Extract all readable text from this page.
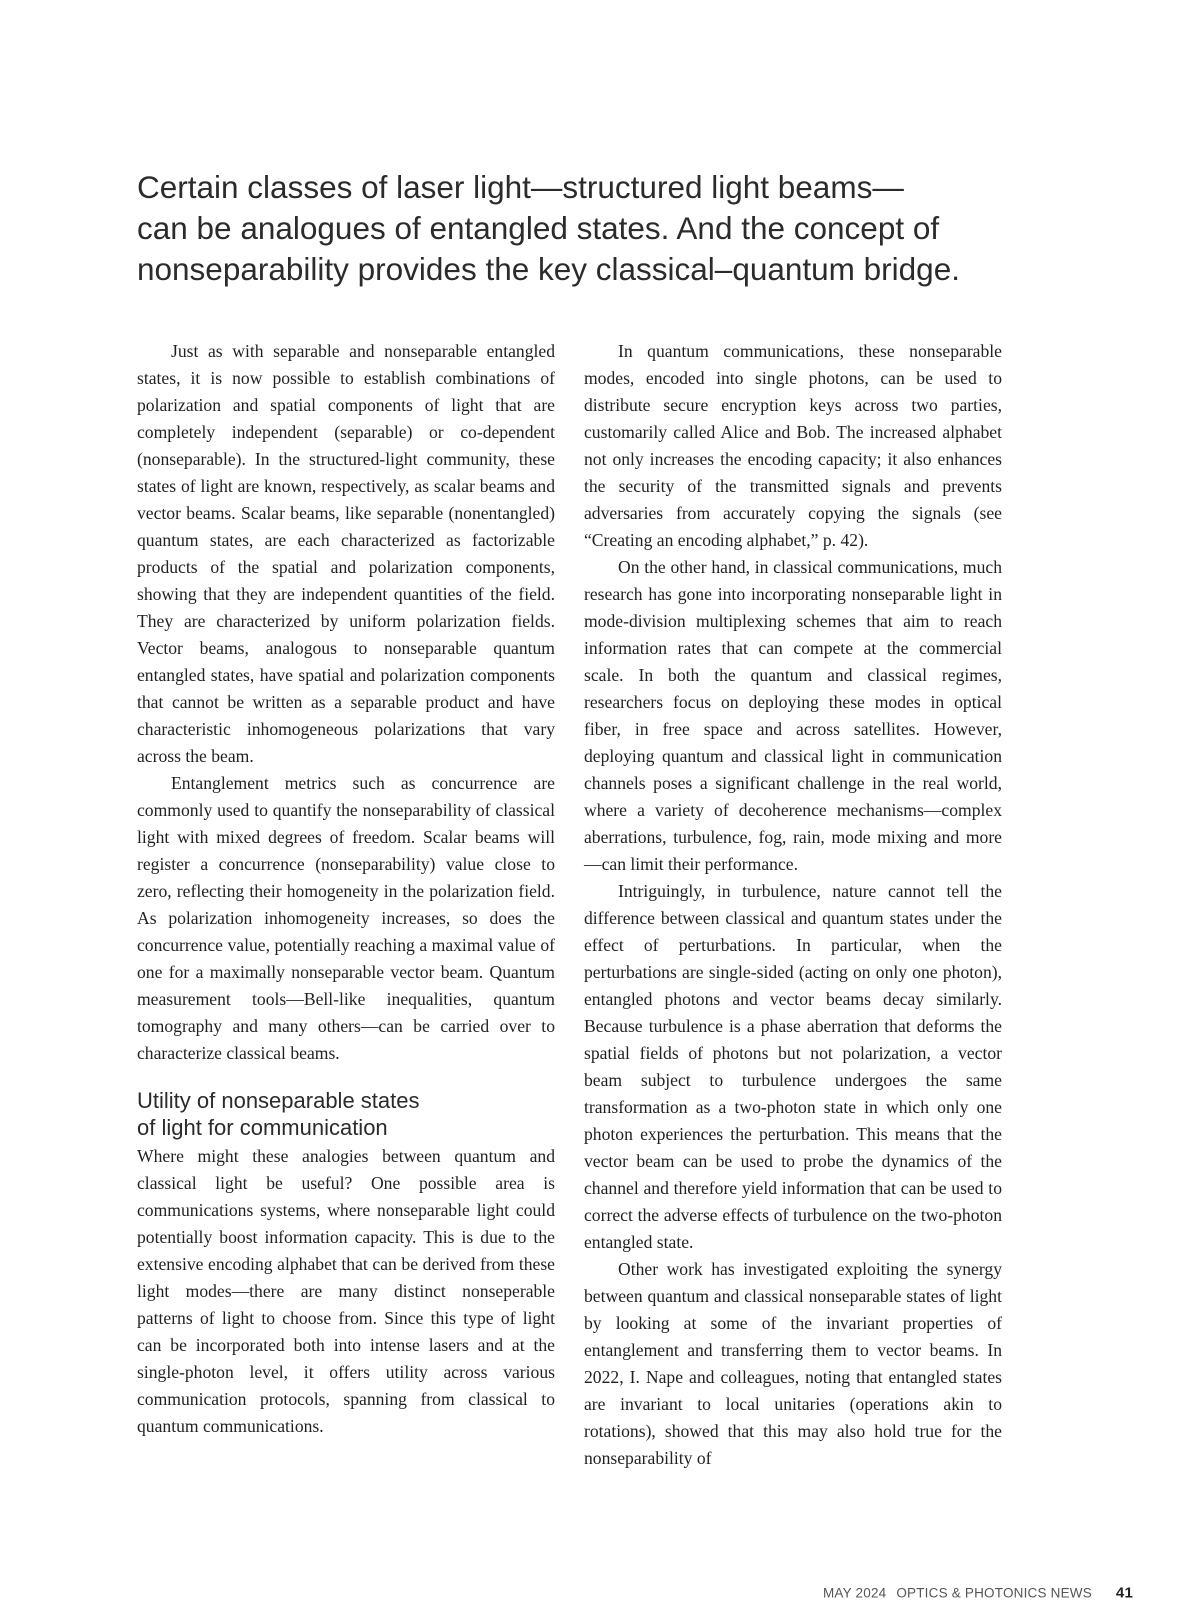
Certain classes of laser light—structured light beams—
can be analogues of entangled states. And the concept of
nonseparability provides the key classical–quantum bridge.

Just as with separable and nonseparable entangled states, it is now possible to establish combinations of polarization and spatial components of light that are completely independent (separable) or co-dependent (nonseparable). In the structured-light community, these states of light are known, respectively, as scalar beams and vector beams. Scalar beams, like separable (nonentangled) quantum states, are each characterized as factorizable products of the spatial and polarization components, showing that they are independent quantities of the field. They are characterized by uniform polarization fields. Vector beams, analogous to nonseparable quantum entangled states, have spatial and polarization components that cannot be written as a separable product and have characteristic inhomogeneous polarizations that vary across the beam.

Entanglement metrics such as concurrence are commonly used to quantify the nonseparability of classical light with mixed degrees of freedom. Scalar beams will register a concurrence (nonseparability) value close to zero, reflecting their homogeneity in the polarization field. As polarization inhomogeneity increases, so does the concurrence value, potentially reaching a maximal value of one for a maximally nonseparable vector beam. Quantum measurement tools—Bell-like inequalities, quantum tomography and many others—can be carried over to characterize classical beams.

Utility of nonseparable states
of light for communication

Where might these analogies between quantum and classical light be useful? One possible area is communications systems, where nonseparable light could potentially boost information capacity. This is due to the extensive encoding alphabet that can be derived from these light modes—there are many distinct nonseperable patterns of light to choose from. Since this type of light can be incorporated both into intense lasers and at the single-photon level, it offers utility across various communication protocols, spanning from classical to quantum communications.

In quantum communications, these nonseparable modes, encoded into single photons, can be used to distribute secure encryption keys across two parties, customarily called Alice and Bob. The increased alphabet not only increases the encoding capacity; it also enhances the security of the transmitted signals and prevents adversaries from accurately copying the signals (see “Creating an encoding alphabet,” p. 42).

On the other hand, in classical communications, much research has gone into incorporating nonseparable light in mode-division multiplexing schemes that aim to reach information rates that can compete at the commercial scale. In both the quantum and classical regimes, researchers focus on deploying these modes in optical fiber, in free space and across satellites. However, deploying quantum and classical light in communication channels poses a significant challenge in the real world, where a variety of decoherence mechanisms—complex aberrations, turbulence, fog, rain, mode mixing and more—can limit their performance.

Intriguingly, in turbulence, nature cannot tell the difference between classical and quantum states under the effect of perturbations. In particular, when the perturbations are single-sided (acting on only one photon), entangled photons and vector beams decay similarly. Because turbulence is a phase aberration that deforms the spatial fields of photons but not polarization, a vector beam subject to turbulence undergoes the same transformation as a two-photon state in which only one photon experiences the perturbation. This means that the vector beam can be used to probe the dynamics of the channel and therefore yield information that can be used to correct the adverse effects of turbulence on the two-photon entangled state.

Other work has investigated exploiting the synergy between quantum and classical nonseparable states of light by looking at some of the invariant properties of entanglement and transferring them to vector beams. In 2022, I. Nape and colleagues, noting that entangled states are invariant to local unitaries (operations akin to rotations), showed that this may also hold true for the nonseparability of

MAY 2024 OPTICS & PHOTONICS NEWS 41
